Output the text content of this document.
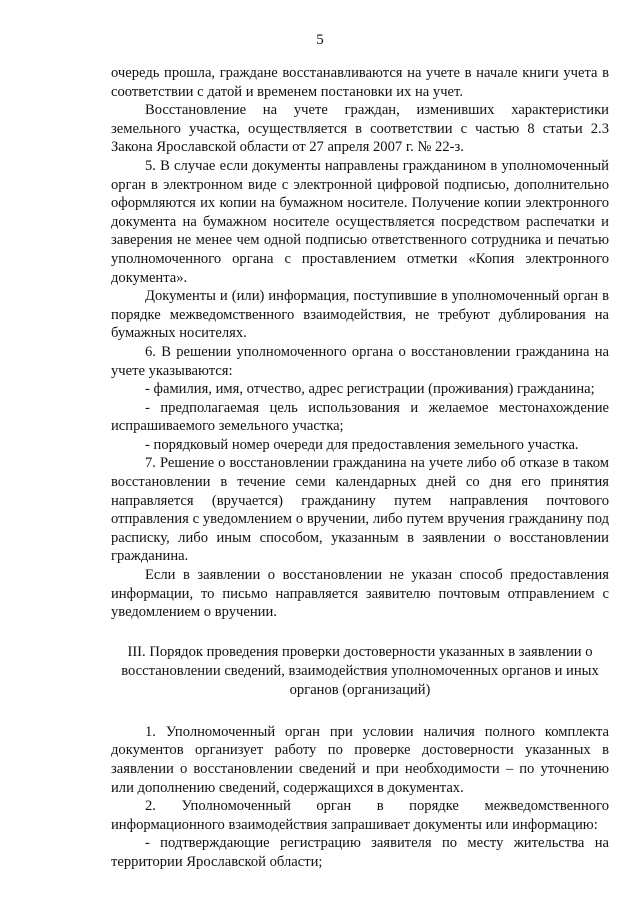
5

очередь прошла, граждане восстанавливаются на учете в начале книги учета в соответствии с датой и временем постановки их на учет.

Восстановление на учете граждан, изменивших характеристики земельного участка, осуществляется в соответствии с частью 8 статьи 2.3 Закона Ярославской области от 27 апреля 2007 г. № 22-з.

5. В случае если документы направлены гражданином в уполномоченный орган в электронном виде с электронной цифровой подписью, дополнительно оформляются их копии на бумажном носителе. Получение копии электронного документа на бумажном носителе осуществляется посредством распечатки и заверения не менее чем одной подписью ответственного сотрудника и печатью уполномоченного органа с проставлением отметки «Копия электронного документа».

Документы и (или) информация, поступившие в уполномоченный орган в порядке межведомственного взаимодействия, не требуют дублирования на бумажных носителях.

6. В решении уполномоченного органа о восстановлении гражданина на учете указываются:

- фамилия, имя, отчество, адрес регистрации (проживания) гражданина;

- предполагаемая цель использования и желаемое местонахождение испрашиваемого земельного участка;

- порядковый номер очереди для предоставления земельного участка.

7. Решение о восстановлении гражданина на учете либо об отказе в таком восстановлении в течение семи календарных дней со дня его принятия направляется (вручается) гражданину путем направления почтового отправления с уведомлением о вручении, либо путем вручения гражданину под расписку, либо иным способом, указанным в заявлении о восстановлении гражданина.

Если в заявлении о восстановлении не указан способ предоставления информации, то письмо направляется заявителю почтовым отправлением с уведомлением о вручении.

III. Порядок проведения проверки достоверности указанных в заявлении о восстановлении сведений, взаимодействия уполномоченных органов и иных органов (организаций)

1. Уполномоченный орган при условии наличия полного комплекта документов организует работу по проверке достоверности указанных в заявлении о восстановлении сведений и при необходимости – по уточнению или дополнению сведений, содержащихся в документах.

2. Уполномоченный орган в порядке межведомственного информационного взаимодействия запрашивает документы или информацию:

- подтверждающие регистрацию заявителя по месту жительства на территории Ярославской области;
